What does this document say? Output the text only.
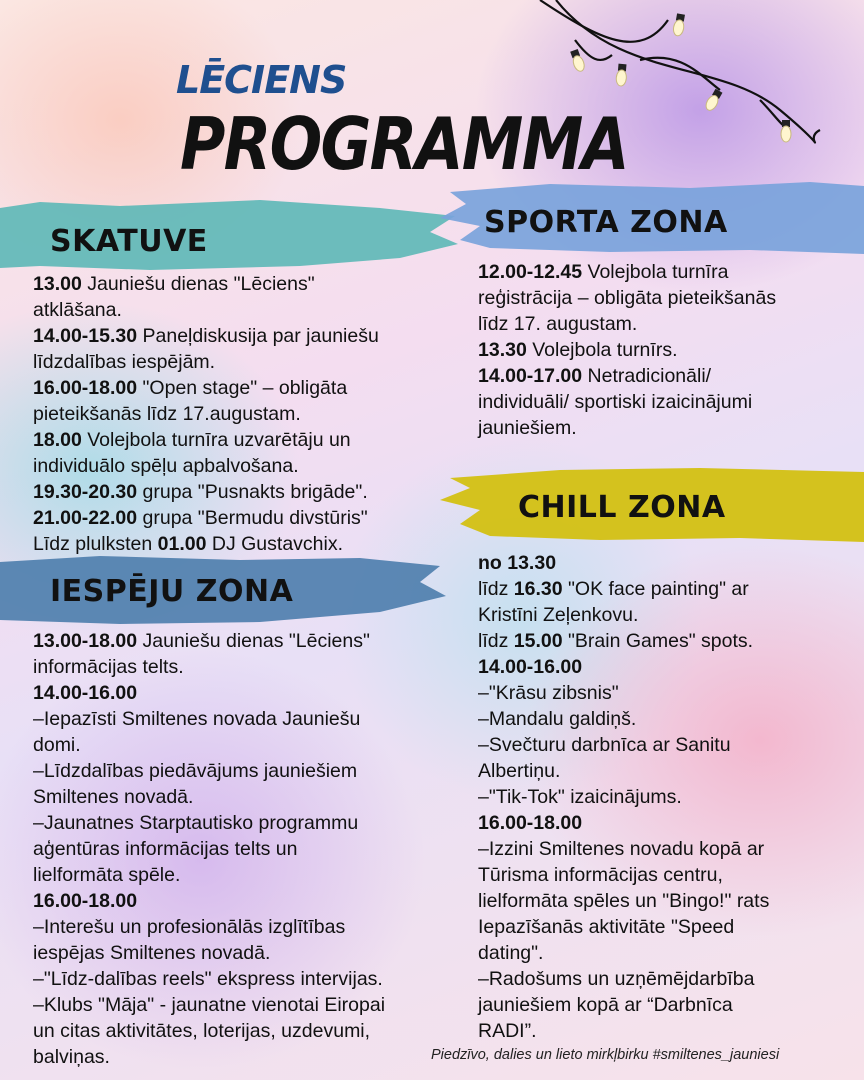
LĒCIENS
PROGRAMMA
SKATUVE
SPORTA ZONA
IESPĒJU ZONA
CHILL ZONA
13.00 Jauniešu dienas "Lēciens"
atklāšana.
14.00-15.30 Paneļdiskusija par jauniešu
līdzdalības iespējām.
16.00-18.00 "Open stage" – obligāta
pieteikšanās līdz 17.augustam.
18.00 Volejbola turnīra uzvarētāju un
individuālo spēļu apbalvošana.
19.30-20.30 grupa "Pusnakts brigāde".
21.00-22.00 grupa "Bermudu divstūris"
Līdz plulksten 01.00 DJ Gustavchix.
12.00-12.45 Volejbola turnīra
reģistrācija – obligāta pieteikšanās
līdz 17. augustam.
13.30 Volejbola turnīrs.
14.00-17.00 Netradicionāli/
individuāli/ sportiski izaicinājumi
jauniešiem.
13.00-18.00 Jauniešu dienas "Lēciens"
informācijas telts.
14.00-16.00
–Iepazīsti Smiltenes novada Jauniešu
domi.
–Līdzdalības piedāvājums jauniešiem
Smiltenes novadā.
–Jaunatnes Starptautisko programmu
aģentūras informācijas telts un
lielformāta spēle.
16.00-18.00
–Interešu un profesionālās izglītības
iespējas Smiltenes novadā.
–"Līdz-dalības reels" ekspress intervijas.
–Klubs "Māja" - jaunatne vienotai Eiropai
un citas aktivitātes, loterijas, uzdevumi,
balviņas.
no 13.30
līdz 16.30 "OK face painting" ar
Kristīni Zeļenkovu.
līdz 15.00 "Brain Games" spots.
14.00-16.00
–"Krāsu zibsnis"
–Mandalu galdiņš.
–Svečturu darbnīca ar Sanitu
Albertiņu.
–"Tik-Tok" izaicinājums.
16.00-18.00
–Izzini Smiltenes novadu kopā ar
Tūrisma informācijas centru,
lielformāta spēles un "Bingo!" rats
Iepazīšanās aktivitāte "Speed
dating".
–Radošums un uzņēmējdarbība
jauniešiem kopā ar “Darbnīca
RADI”.
Piedzīvo, dalies un lieto mirkļbirku #smiltenes_jauniesi
